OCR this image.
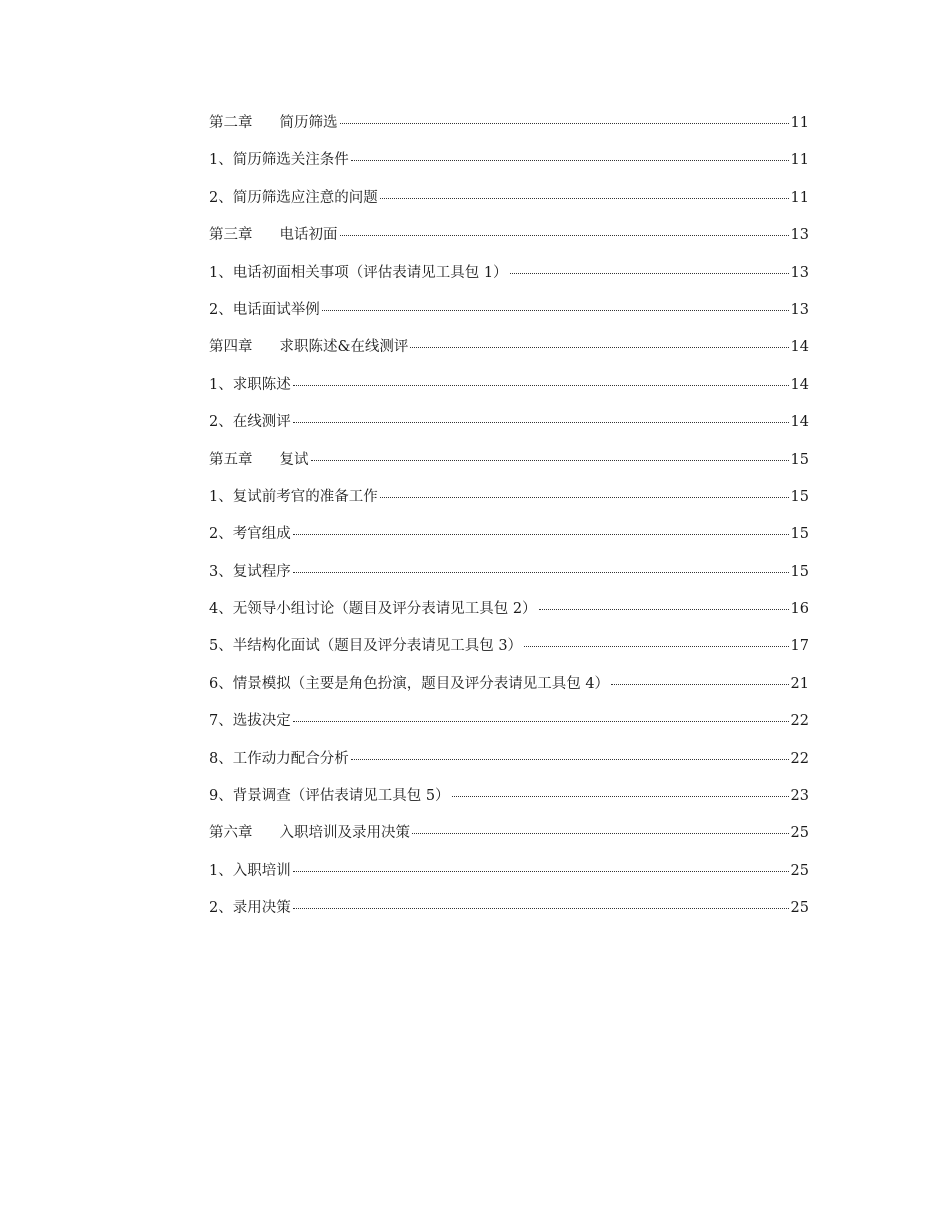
第二章 简历筛选	11
1、简历筛选关注条件	11
2、简历筛选应注意的问题	11
第三章 电话初面	13
1、电话初面相关事项（评估表请见工具包 1）	13
2、电话面试举例	13
第四章 求职陈述&在线测评	14
1、求职陈述	14
2、在线测评	14
第五章 复试	15
1、复试前考官的准备工作	15
2、考官组成	15
3、复试程序	15
4、无领导小组讨论（题目及评分表请见工具包 2）	16
5、半结构化面试（题目及评分表请见工具包 3）	17
6、情景模拟（主要是角色扮演，题目及评分表请见工具包 4）	21
7、选拔决定	22
8、工作动力配合分析	22
9、背景调查（评估表请见工具包 5）	23
第六章 入职培训及录用决策	25
1、入职培训	25
2、录用决策	25
